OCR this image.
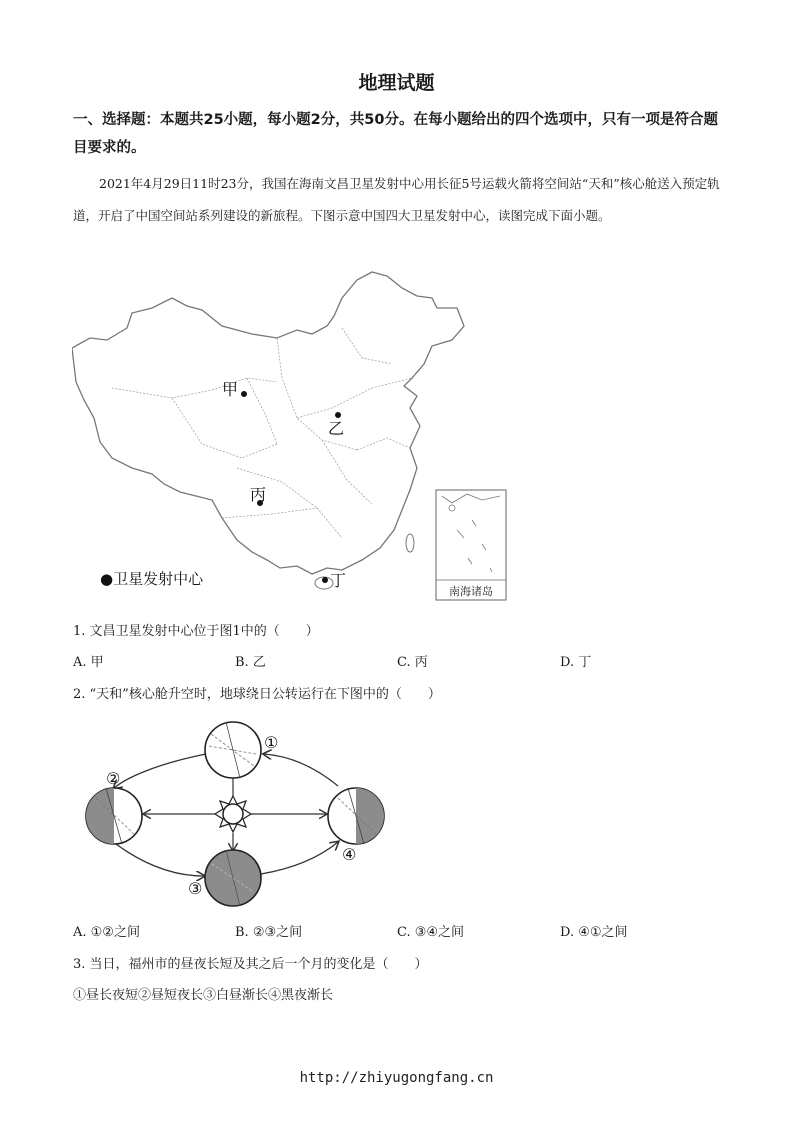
地理试题
一、选择题：本题共25小题，每小题2分，共50分。在每小题给出的四个选项中，只有一项是符合题目要求的。
2021年4月29日11时23分，我国在海南文昌卫星发射中心用长征5号运载火箭将空间站“天和”核心舱送入预定轨道，开启了中国空间站系列建设的新旅程。下图示意中国四大卫星发射中心，读图完成下面小题。
南海诸岛
甲
乙
丙
丁
●卫星发射中心
1. 文昌卫星发射中心位于图1中的（　　）
A. 甲	B. 乙	C. 丙	D. 丁
2. “天和”核心舱升空时，地球绕日公转运行在下图中的（　　）
①
②
③
④
A. ①②之间	B. ②③之间	C. ③④之间	D. ④①之间
3. 当日，福州市的昼夜长短及其之后一个月的变化是（　　）
①昼长夜短②昼短夜长③白昼渐长④黑夜渐长
http://zhiyugongfang.cn
